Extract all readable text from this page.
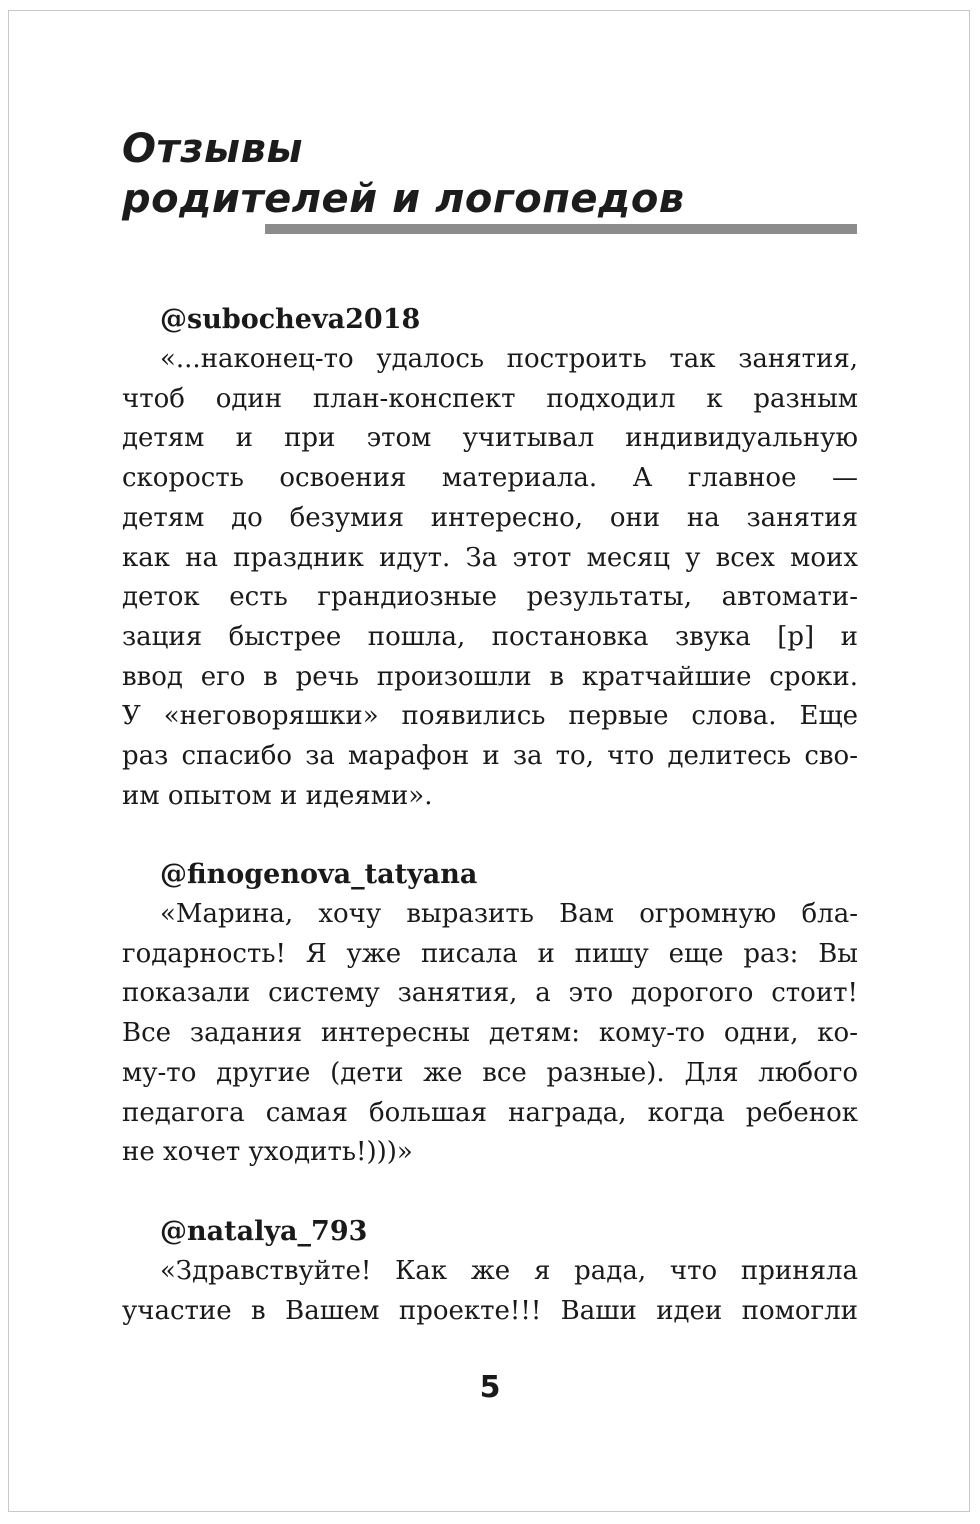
Отзывы
родителей и логопедов

@subocheva2018

«...наконец-то удалось построить так занятия,

чтоб один план-конспект подходил к разным

детям и при этом учитывал индивидуальную

скорость освоения материала. А главное —

детям до безумия интересно, они на занятия

как на праздник идут. За этот месяц у всех моих

деток есть грандиозные результаты, автомати-

зация быстрее пошла, постановка звука [р] и

ввод его в речь произошли в кратчайшие сроки.

У «неговоряшки» появились первые слова. Еще

раз спасибо за марафон и за то, что делитесь сво-

им опытом и идеями».

@finogenova_tatyana

«Марина, хочу выразить Вам огромную бла-

годарность! Я уже писала и пишу еще раз: Вы

показали систему занятия, а это дорогого стоит!

Все задания интересны детям: кому-то одни, ко-

му-то другие (дети же все разные). Для любого

педагога самая большая награда, когда ребенок

не хочет уходить!)))»

@natalya_793

«Здравствуйте! Как же я рада, что приняла

участие в Вашем проекте!!! Ваши идеи помогли

5
